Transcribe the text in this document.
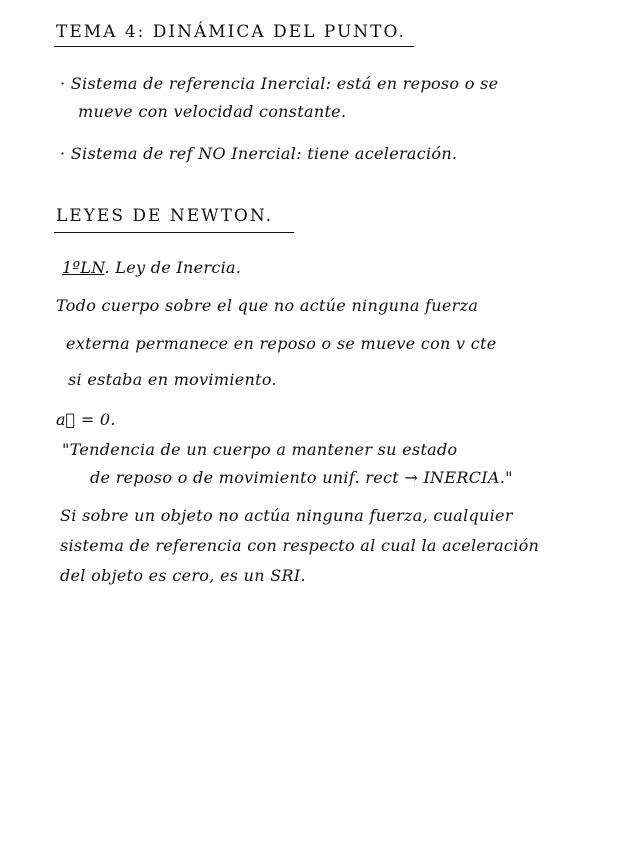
TEMA 4: DINÁMICA DEL PUNTO.
· Sistema de referencia Inercial: está en reposo o se
mueve con velocidad constante.
· Sistema de ref NO Inercial: tiene aceleración.
LEYES DE NEWTON.
1ºLN. Ley de Inercia.
Todo cuerpo sobre el que no actúe ninguna fuerza
externa permanece en reposo o se mueve con v cte
si estaba en movimiento.
a⃗ = 0.
"Tendencia de un cuerpo a mantener su estado
de reposo o de movimiento unif. rect → INERCIA."
Si sobre un objeto no actúa ninguna fuerza, cualquier
sistema de referencia con respecto al cual la aceleración
del objeto es cero, es un SRI.
